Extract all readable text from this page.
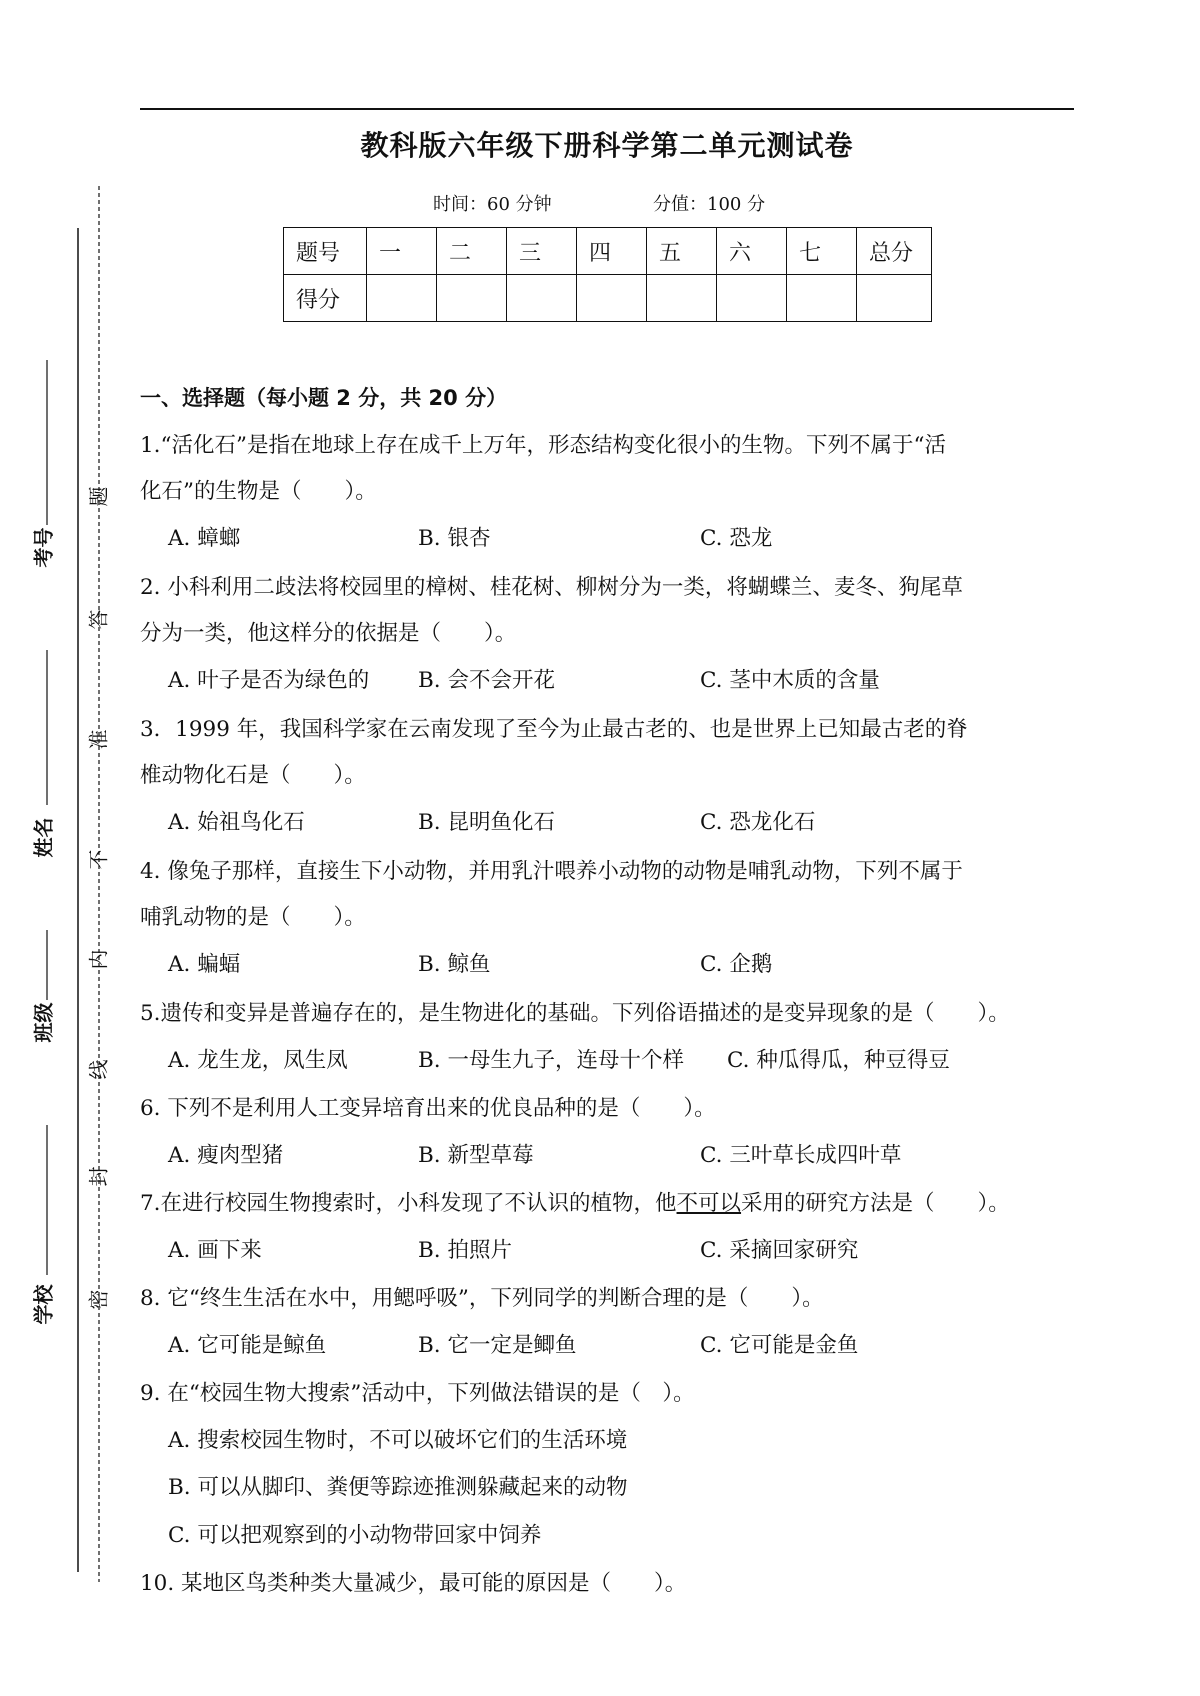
考号
姓名
班级
学校
题
答
准
不
内
线
封
密
教科版六年级下册科学第二单元测试卷
时间：60 分钟	分值：100 分
题号	一	二	三	四	五	六	七	总分
得分								
一、选择题（每小题 2 分，共 20 分）
1.“活化石”是指在地球上存在成千上万年，形态结构变化很小的生物。下列不属于“活
化石”的生物是（　　）。
A. 蟑螂	B. 银杏	C. 恐龙
2. 小科利用二歧法将校园里的樟树、桂花树、柳树分为一类，将蝴蝶兰、麦冬、狗尾草
分为一类，他这样分的依据是（　　）。
A. 叶子是否为绿色的 B. 会不会开花	C. 茎中木质的含量
3．1999 年，我国科学家在云南发现了至今为止最古老的、也是世界上已知最古老的脊
椎动物化石是（　　）。
A. 始祖鸟化石	B. 昆明鱼化石	C. 恐龙化石
4. 像兔子那样，直接生下小动物，并用乳汁喂养小动物的动物是哺乳动物，下列不属于
哺乳动物的是（　　）。
A. 蝙蝠	B. 鲸鱼	C. 企鹅
5.遗传和变异是普遍存在的，是生物进化的基础。下列俗语描述的是变异现象的是（　　）。
A. 龙生龙，凤生凤	B. 一母生九子，连母十个样 C. 种瓜得瓜，种豆得豆
6. 下列不是利用人工变异培育出来的优良品种的是（　　）。
A. 瘦肉型猪	B. 新型草莓	C. 三叶草长成四叶草
7.在进行校园生物搜索时，小科发现了不认识的植物，他不可以采用的研究方法是（　　）。
A. 画下来	B. 拍照片	C. 采摘回家研究
8. 它“终生生活在水中，用鳃呼吸”，下列同学的判断合理的是（　　）。
A. 它可能是鲸鱼	B. 它一定是鲫鱼	C. 它可能是金鱼
9. 在“校园生物大搜索”活动中，下列做法错误的是（　）。
A. 搜索校园生物时，不可以破坏它们的生活环境
B. 可以从脚印、粪便等踪迹推测躲藏起来的动物
C. 可以把观察到的小动物带回家中饲养
10. 某地区鸟类种类大量减少，最可能的原因是（　　）。
